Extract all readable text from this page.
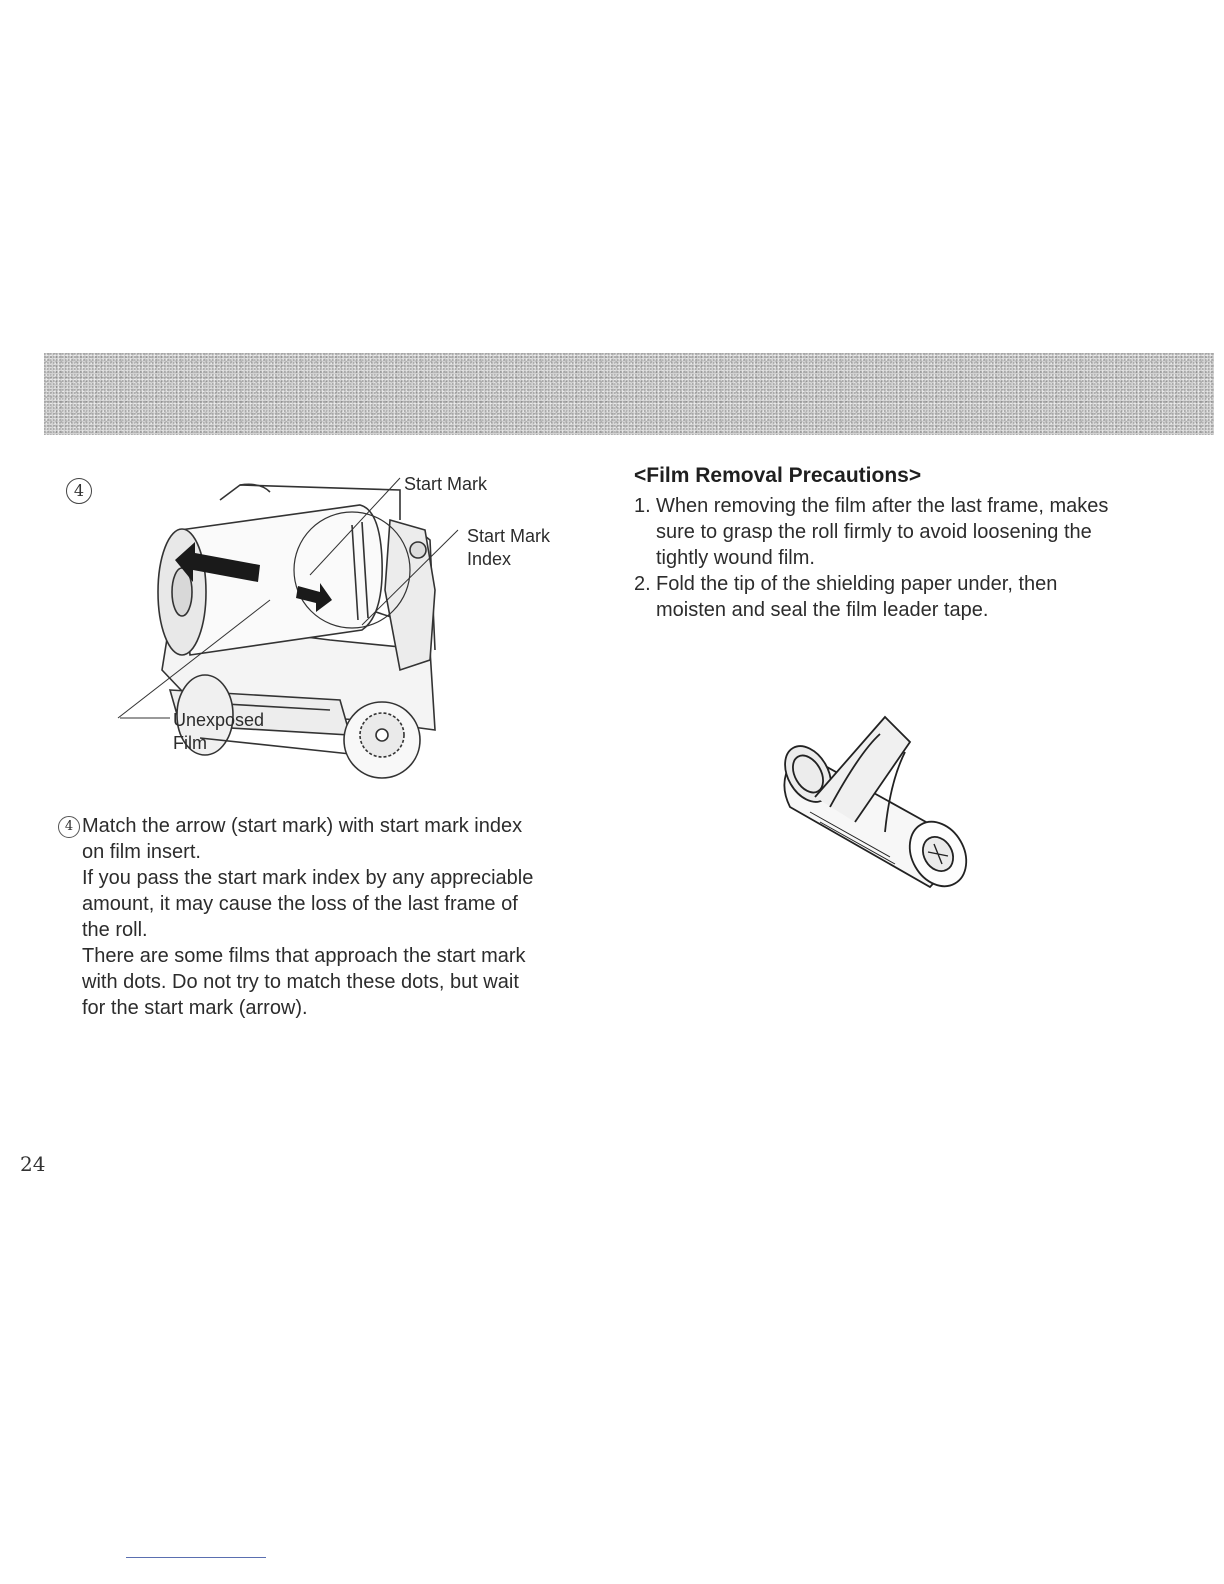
4	Start Mark
Start Mark
Index
Unexposed
Film
4 Match the arrow (start mark) with start mark index

on film insert.

If you pass the start mark index by any appreciable

amount, it may cause the loss of the last frame of

the roll.

There are some films that approach the start mark

with dots. Do not try to match these dots, but wait

for the start mark (arrow).

<Film Removal Precautions>
1. When removing the film after the last frame, makes
sure to grasp the roll firmly to avoid loosening the
tightly wound film.
2. Fold the tip of the shielding paper under, then
moisten and seal the film leader tape.
24
